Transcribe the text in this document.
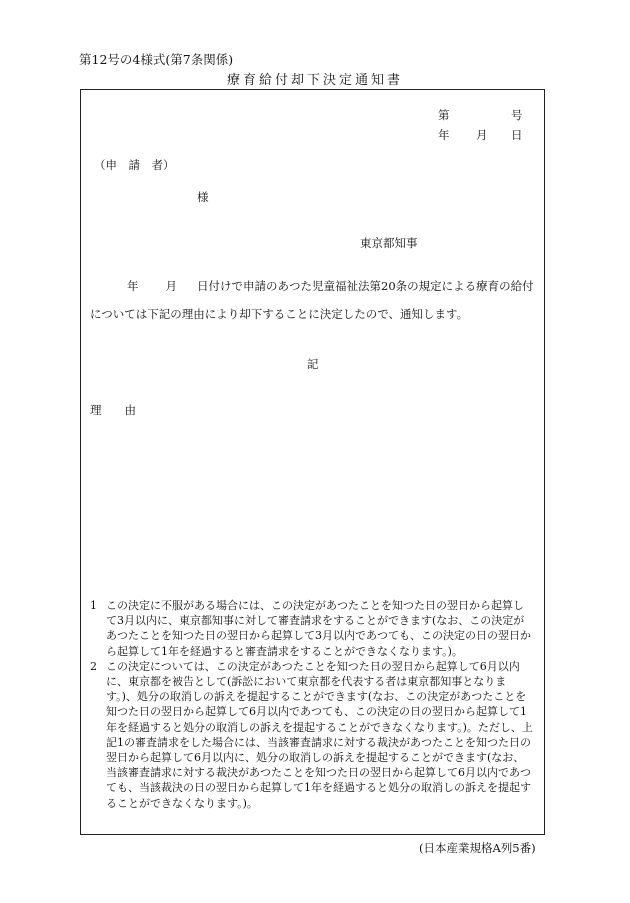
第12号の4様式(第7条関係)
療育給付却下決定通知書
第	号
年 月 日
（申　請　者）
様
東京都知事
年 月 日付けで申請のあつた児童福祉法第20条の規定による療育の給付については下記の理由により却下することに決定したので、通知します。
記
理　　由
1 この決定に不服がある場合には、この決定があつたことを知つた日の翌日から起算して3月以内に、東京都知事に対して審査請求をすることができます(なお、この決定があつたことを知つた日の翌日から起算して3月以内であつても、この決定の日の翌日から起算して1年を経過すると審査請求をすることができなくなります。)。
2 この決定については、この決定があつたことを知つた日の翌日から起算して6月以内に、東京都を被告として(訴訟において東京都を代表する者は東京都知事となります。)、処分の取消しの訴えを提起することができます(なお、この決定があつたことを知つた日の翌日から起算して6月以内であつても、この決定の日の翌日から起算して1年を経過すると処分の取消しの訴えを提起することができなくなります。)。ただし、上記1の審査請求をした場合には、当該審査請求に対する裁決があつたことを知つた日の翌日から起算して6月以内に、処分の取消しの訴えを提起することができます(なお、当該審査請求に対する裁決があつたことを知つた日の翌日から起算して6月以内であつても、当該裁決の日の翌日から起算して1年を経過すると処分の取消しの訴えを提起することができなくなります。)。
(日本産業規格A列5番)
